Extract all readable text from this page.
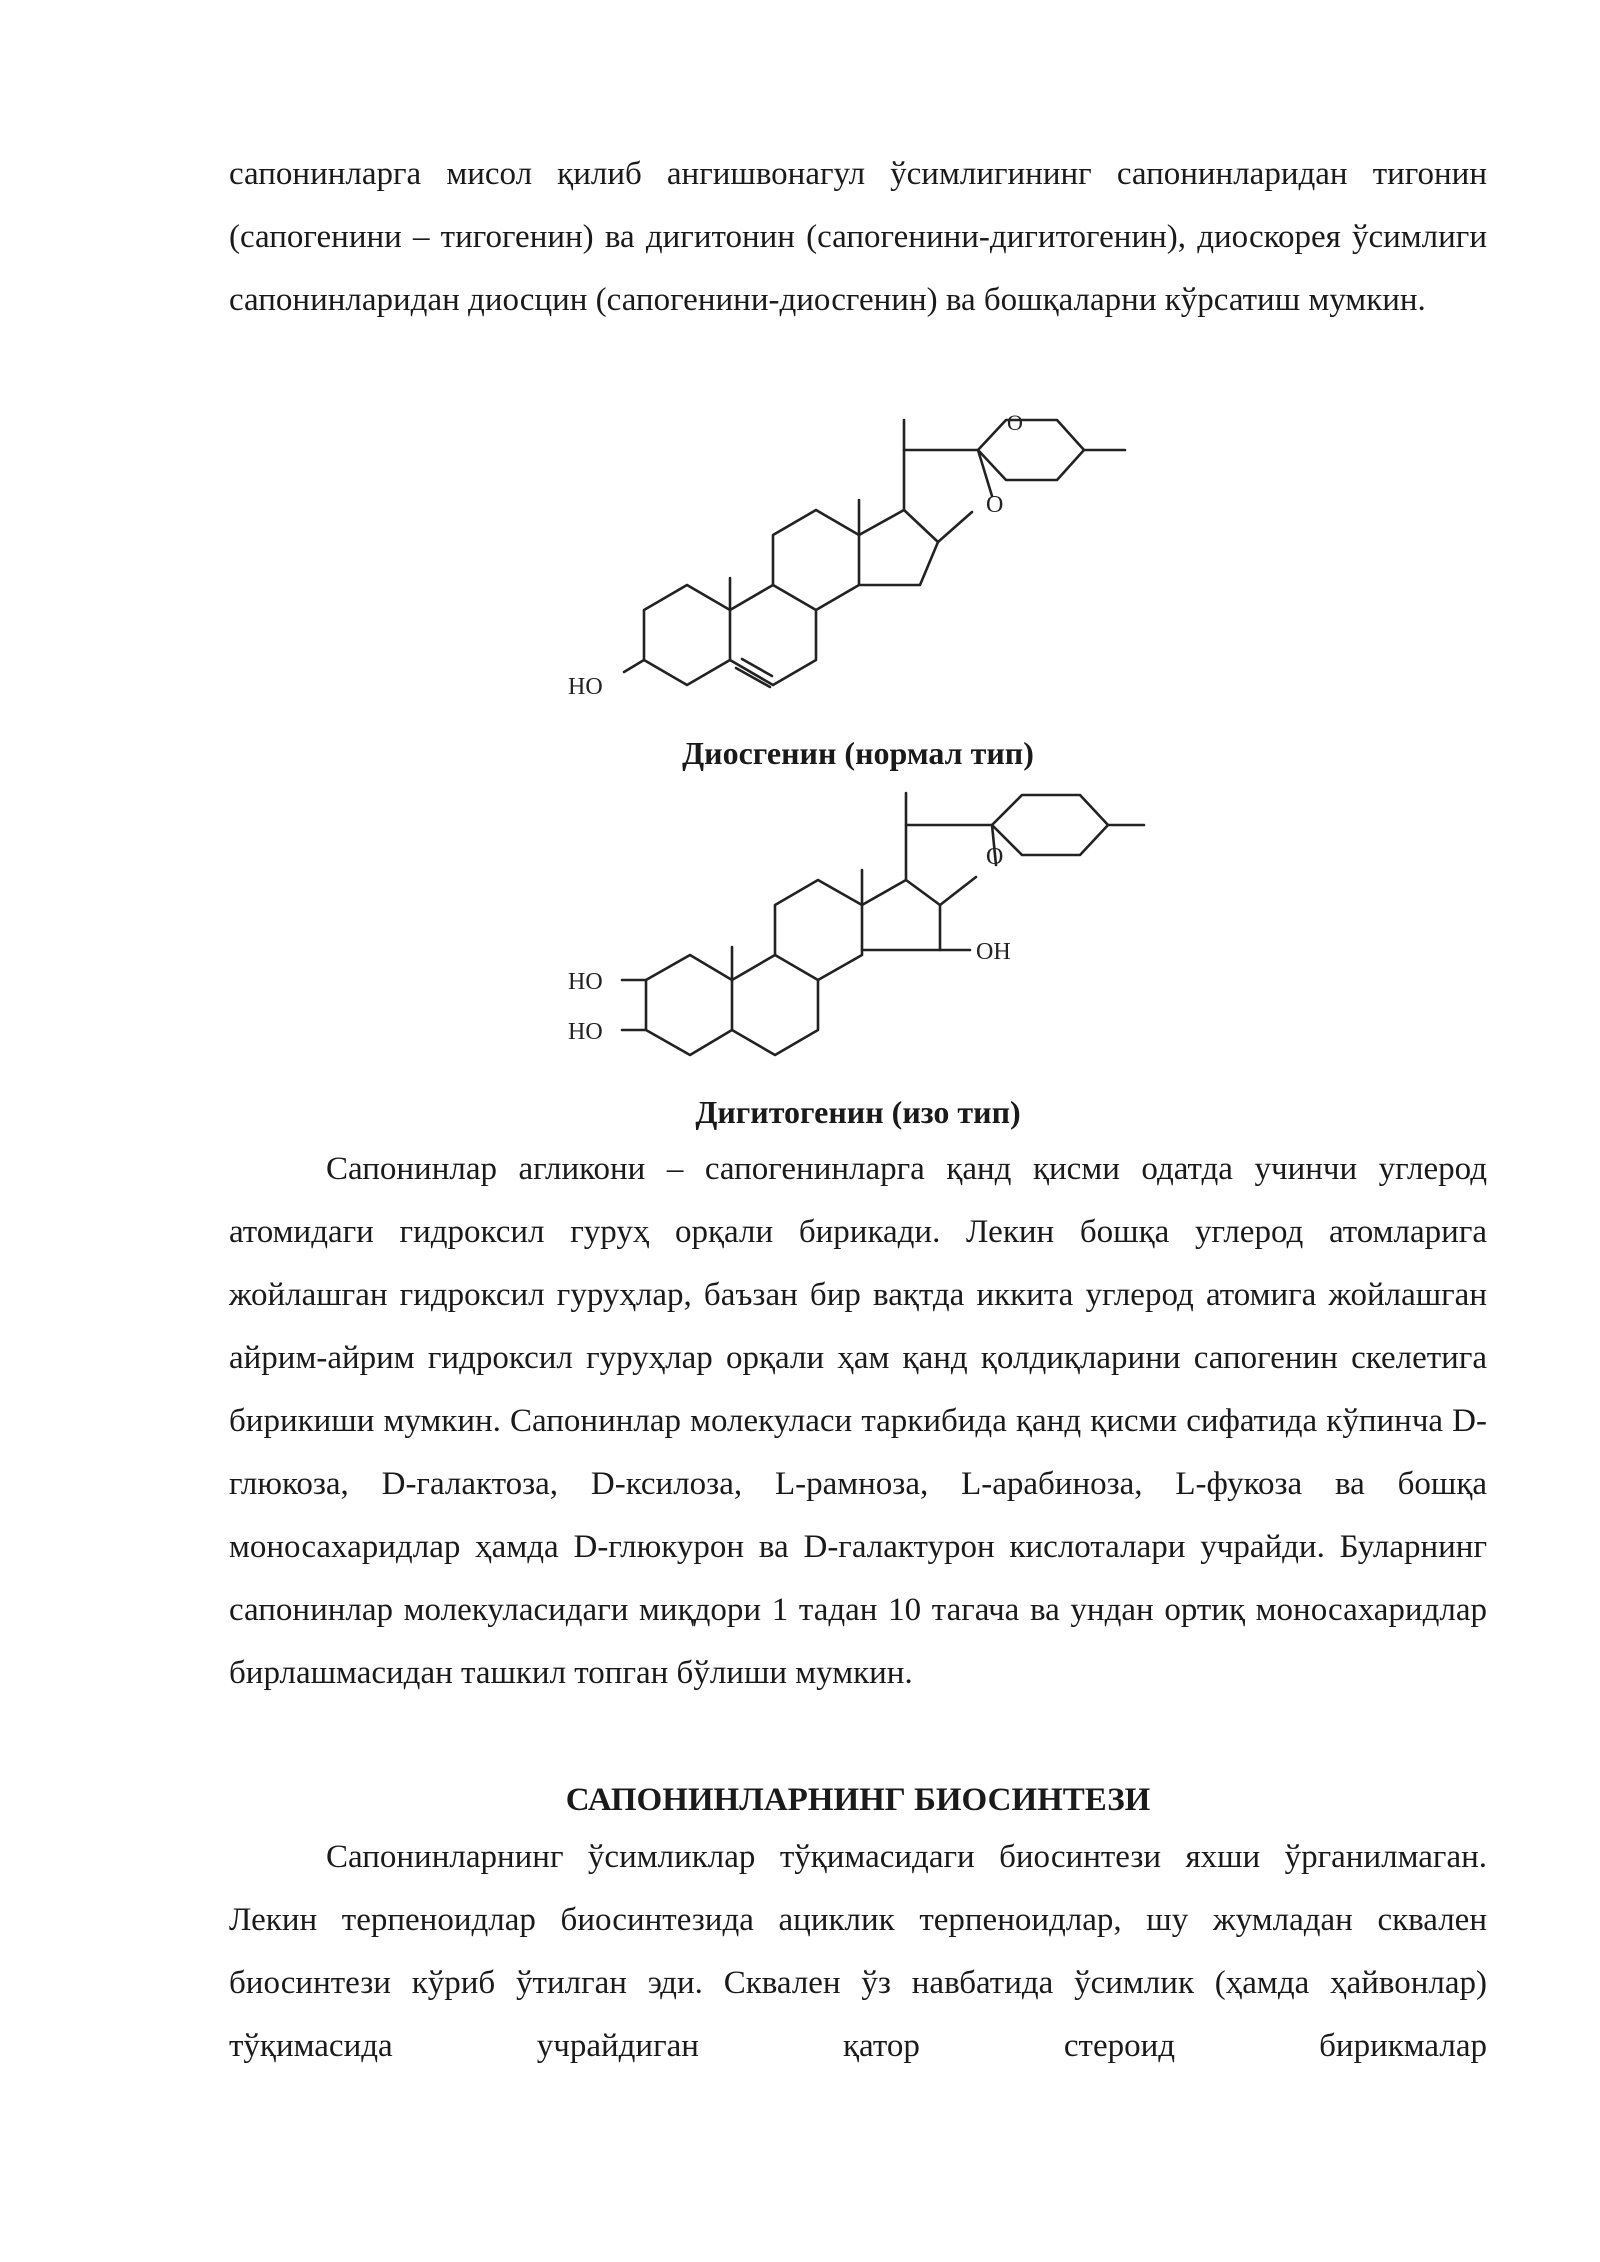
сапонинларга мисол қилиб ангишвонагул ўсимлигининг сапонинларидан тигонин (сапогенини – тигогенин) ва дигитонин (сапогенини-дигитогенин), диоскорея ўсимлиги сапонинларидан диосцин (сапогенини-диосгенин) ва бошқаларни кўрсатиш мумкин.

HO
O
O
Диосгенин (нормал тип)
HO
HO
OH
O
Дигитогенин (изо тип)

Сапонинлар агликони – сапогенинларга қанд қисми одатда учинчи углерод атомидаги гидроксил гуруҳ орқали бирикади. Лекин бошқа углерод атомларига жойлашган гидроксил гуруҳлар, баъзан бир вақтда иккита углерод атомига жойлашган айрим-айрим гидроксил гуруҳлар орқали ҳам қанд қолдиқларини сапогенин скелетига бирикиши мумкин. Сапонинлар молекуласи таркибида қанд қисми сифатида кўпинча D-глюкоза, D-галактоза, D-ксилоза, L-рамноза, L-арабиноза, L-фукоза ва бошқа моносахаридлар ҳамда D-глюкурон ва D-галактурон кислоталари учрайди. Буларнинг сапонинлар молекуласидаги миқдори 1 тадан 10 тагача ва ундан ортиқ моносахаридлар бирлашмасидан ташкил топган бўлиши мумкин.

САПОНИНЛАРНИНГ БИОСИНТЕЗИ

Сапонинларнинг ўсимликлар тўқимасидаги биосинтези яхши ўрганилмаган. Лекин терпеноидлар биосинтезида ациклик терпеноидлар, шу жумладан сквален биосинтези кўриб ўтилган эди. Сквален ўз навбатида ўсимлик (ҳамда ҳайвонлар) тўқимасида учрайдиган қатор стероид бирикмалар
